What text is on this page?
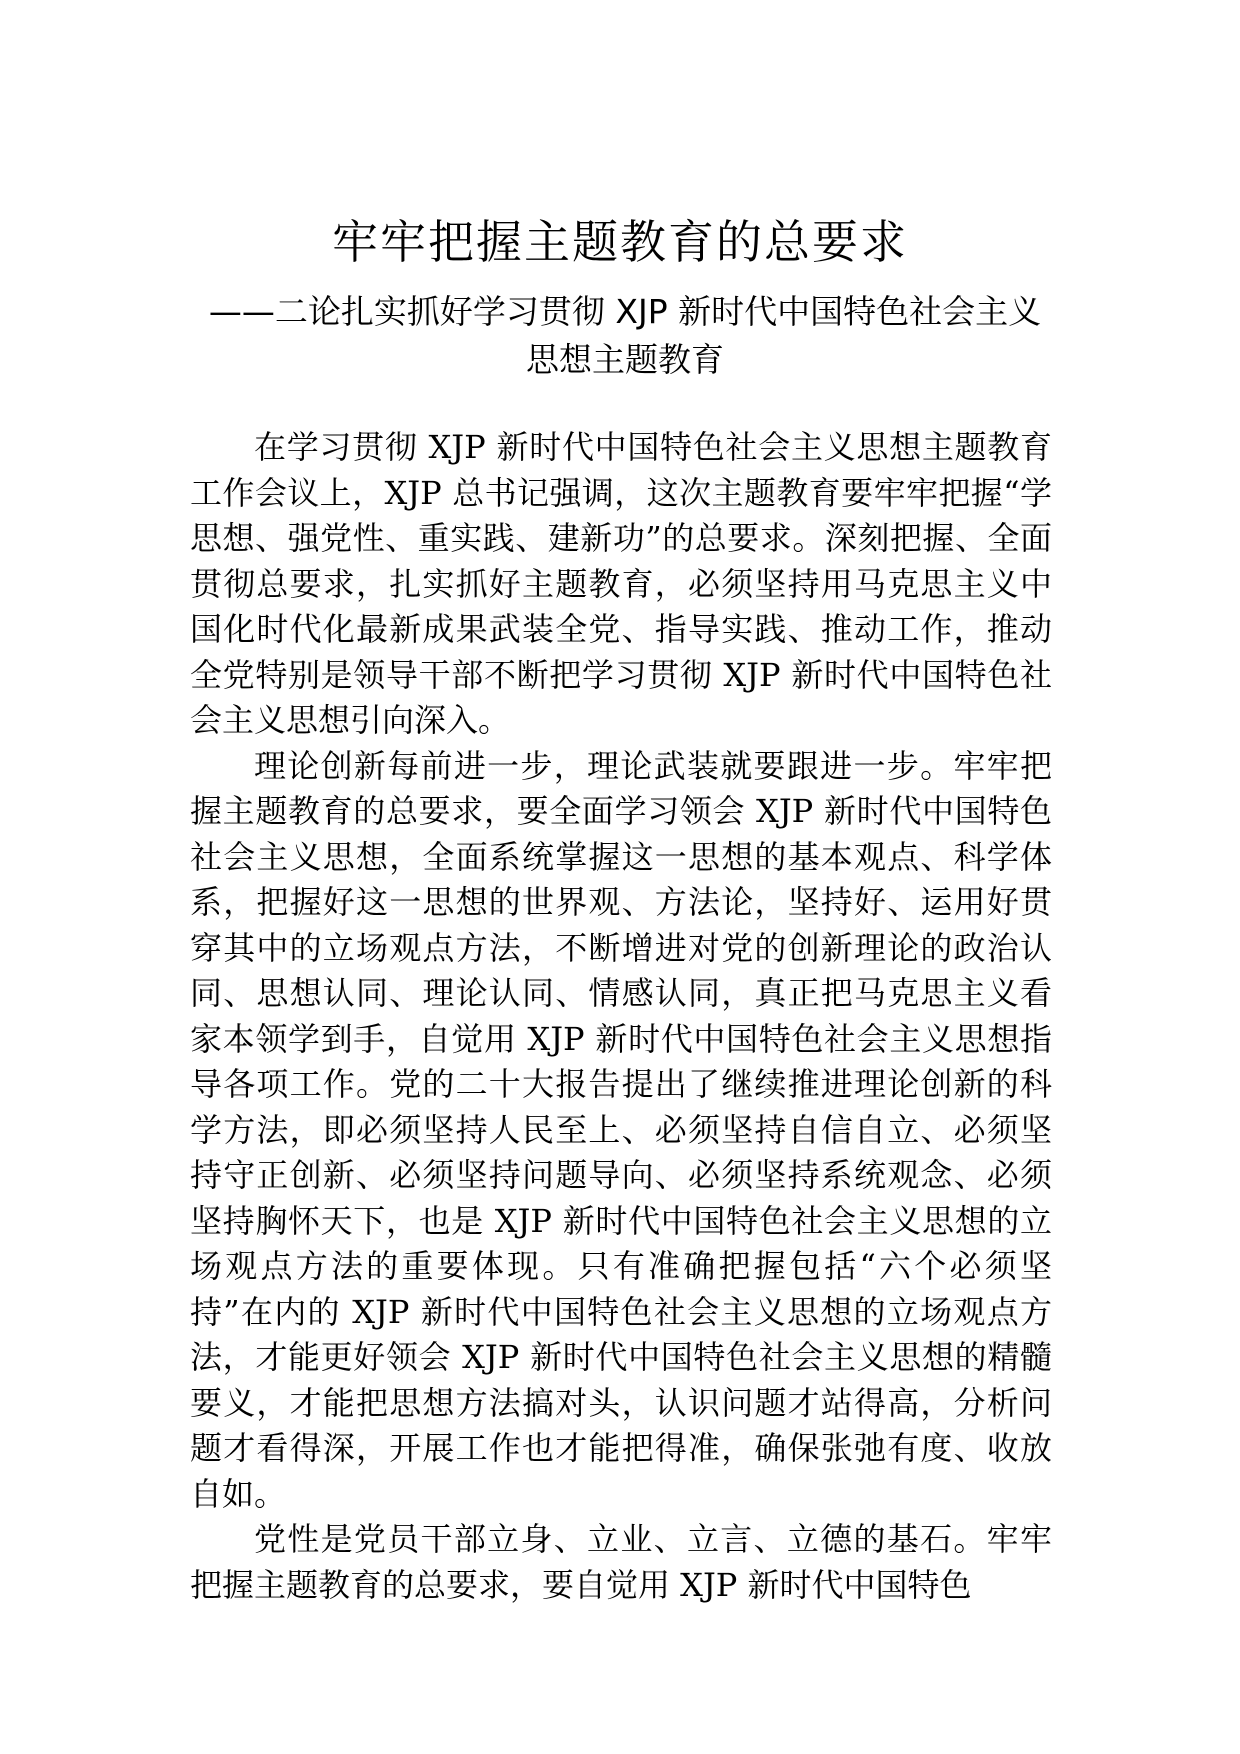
牢牢把握主题教育的总要求
——二论扎实抓好学习贯彻 XJP 新时代中国特色社会主义思想主题教育

在学习贯彻 XJP 新时代中国特色社会主义思想主题教育工作会议上，XJP 总书记强调，这次主题教育要牢牢把握“学思想、强党性、重实践、建新功”的总要求。深刻把握、全面贯彻总要求，扎实抓好主题教育，必须坚持用马克思主义中国化时代化最新成果武装全党、指导实践、推动工作，推动全党特别是领导干部不断把学习贯彻 XJP 新时代中国特色社会主义思想引向深入。

理论创新每前进一步，理论武装就要跟进一步。牢牢把握主题教育的总要求，要全面学习领会 XJP 新时代中国特色社会主义思想，全面系统掌握这一思想的基本观点、科学体系，把握好这一思想的世界观、方法论，坚持好、运用好贯穿其中的立场观点方法，不断增进对党的创新理论的政治认同、思想认同、理论认同、情感认同，真正把马克思主义看家本领学到手，自觉用 XJP 新时代中国特色社会主义思想指导各项工作。党的二十大报告提出了继续推进理论创新的科学方法，即必须坚持人民至上、必须坚持自信自立、必须坚持守正创新、必须坚持问题导向、必须坚持系统观念、必须坚持胸怀天下，也是 XJP 新时代中国特色社会主义思想的立场观点方法的重要体现。只有准确把握包括“六个必须坚持”在内的 XJP 新时代中国特色社会主义思想的立场观点方法，才能更好领会 XJP 新时代中国特色社会主义思想的精髓要义，才能把思想方法搞对头，认识问题才站得高，分析问题才看得深，开展工作也才能把得准，确保张弛有度、收放自如。

党性是党员干部立身、立业、立言、立德的基石。牢牢把握主题教育的总要求，要自觉用 XJP 新时代中国特色
